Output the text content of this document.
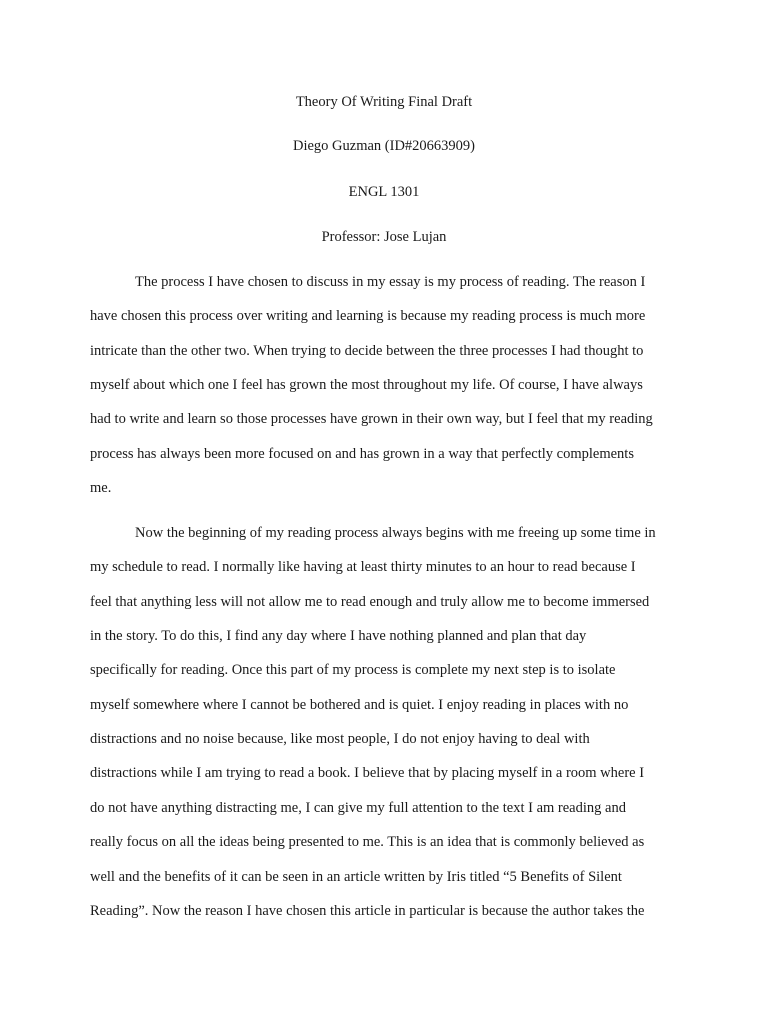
Theory Of Writing Final Draft
Diego Guzman (ID#20663909)
ENGL 1301
Professor: Jose Lujan
The process I have chosen to discuss in my essay is my process of reading. The reason I
have chosen this process over writing and learning is because my reading process is much more
intricate than the other two. When trying to decide between the three processes I had thought to
myself about which one I feel has grown the most throughout my life. Of course, I have always
had to write and learn so those processes have grown in their own way, but I feel that my reading
process has always been more focused on and has grown in a way that perfectly complements
me.
Now the beginning of my reading process always begins with me freeing up some time in
my schedule to read. I normally like having at least thirty minutes to an hour to read because I
feel that anything less will not allow me to read enough and truly allow me to become immersed
in the story. To do this, I find any day where I have nothing planned and plan that day
specifically for reading. Once this part of my process is complete my next step is to isolate
myself somewhere where I cannot be bothered and is quiet. I enjoy reading in places with no
distractions and no noise because, like most people, I do not enjoy having to deal with
distractions while I am trying to read a book. I believe that by placing myself in a room where I
do not have anything distracting me, I can give my full attention to the text I am reading and
really focus on all the ideas being presented to me. This is an idea that is commonly believed as
well and the benefits of it can be seen in an article written by Iris titled “5 Benefits of Silent
Reading”. Now the reason I have chosen this article in particular is because the author takes the
